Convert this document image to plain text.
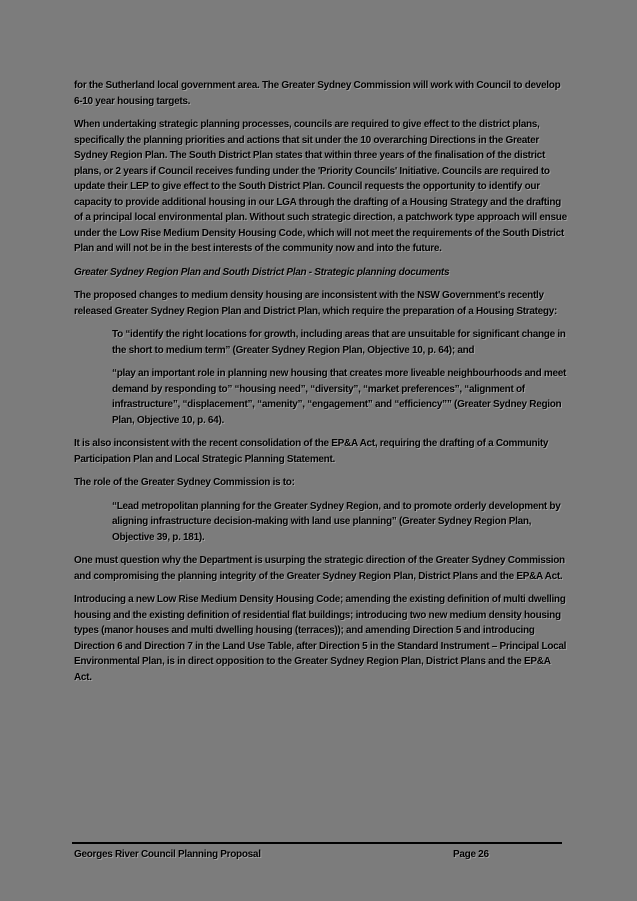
for the Sutherland local government area. The Greater Sydney Commission will work with Council to develop 6-10 year housing targets.
When undertaking strategic planning processes, councils are required to give effect to the district plans, specifically the planning priorities and actions that sit under the 10 overarching Directions in the Greater Sydney Region Plan. The South District Plan states that within three years of the finalisation of the district plans, or 2 years if Council receives funding under the 'Priority Councils' Initiative. Councils are required to update their LEP to give effect to the South District Plan. Council requests the opportunity to identify our capacity to provide additional housing in our LGA through the drafting of a Housing Strategy and the drafting of a principal local environmental plan. Without such strategic direction, a patchwork type approach will ensue under the Low Rise Medium Density Housing Code, which will not meet the requirements of the South District Plan and will not be in the best interests of the community now and into the future.
Greater Sydney Region Plan and South District Plan - Strategic planning documents
The proposed changes to medium density housing are inconsistent with the NSW Government's recently released Greater Sydney Region Plan and District Plan, which require the preparation of a Housing Strategy:
To “identify the right locations for growth, including areas that are unsuitable for significant change in the short to medium term” (Greater Sydney Region Plan, Objective 10, p. 64); and
“play an important role in planning new housing that creates more liveable neighbourhoods and meet demand by responding to” “housing need”, “diversity”, “market preferences”, “alignment of infrastructure”, “displacement”, “amenity”, “engagement” and “efficiency”” (Greater Sydney Region Plan, Objective 10, p. 64).
It is also inconsistent with the recent consolidation of the EP&A Act, requiring the drafting of a Community Participation Plan and Local Strategic Planning Statement.
The role of the Greater Sydney Commission is to:
“Lead metropolitan planning for the Greater Sydney Region, and to promote orderly development by aligning infrastructure decision-making with land use planning” (Greater Sydney Region Plan, Objective 39, p. 181).
One must question why the Department is usurping the strategic direction of the Greater Sydney Commission and compromising the planning integrity of the Greater Sydney Region Plan, District Plans and the EP&A Act.
Introducing a new Low Rise Medium Density Housing Code; amending the existing definition of multi dwelling housing and the existing definition of residential flat buildings; introducing two new medium density housing types (manor houses and multi dwelling housing (terraces)); and amending Direction 5 and introducing Direction 6 and Direction 7 in the Land Use Table, after Direction 5 in the Standard Instrument – Principal Local Environmental Plan, is in direct opposition to the Greater Sydney Region Plan, District Plans and the EP&A Act.
Georges River Council Planning Proposal	Page 26
